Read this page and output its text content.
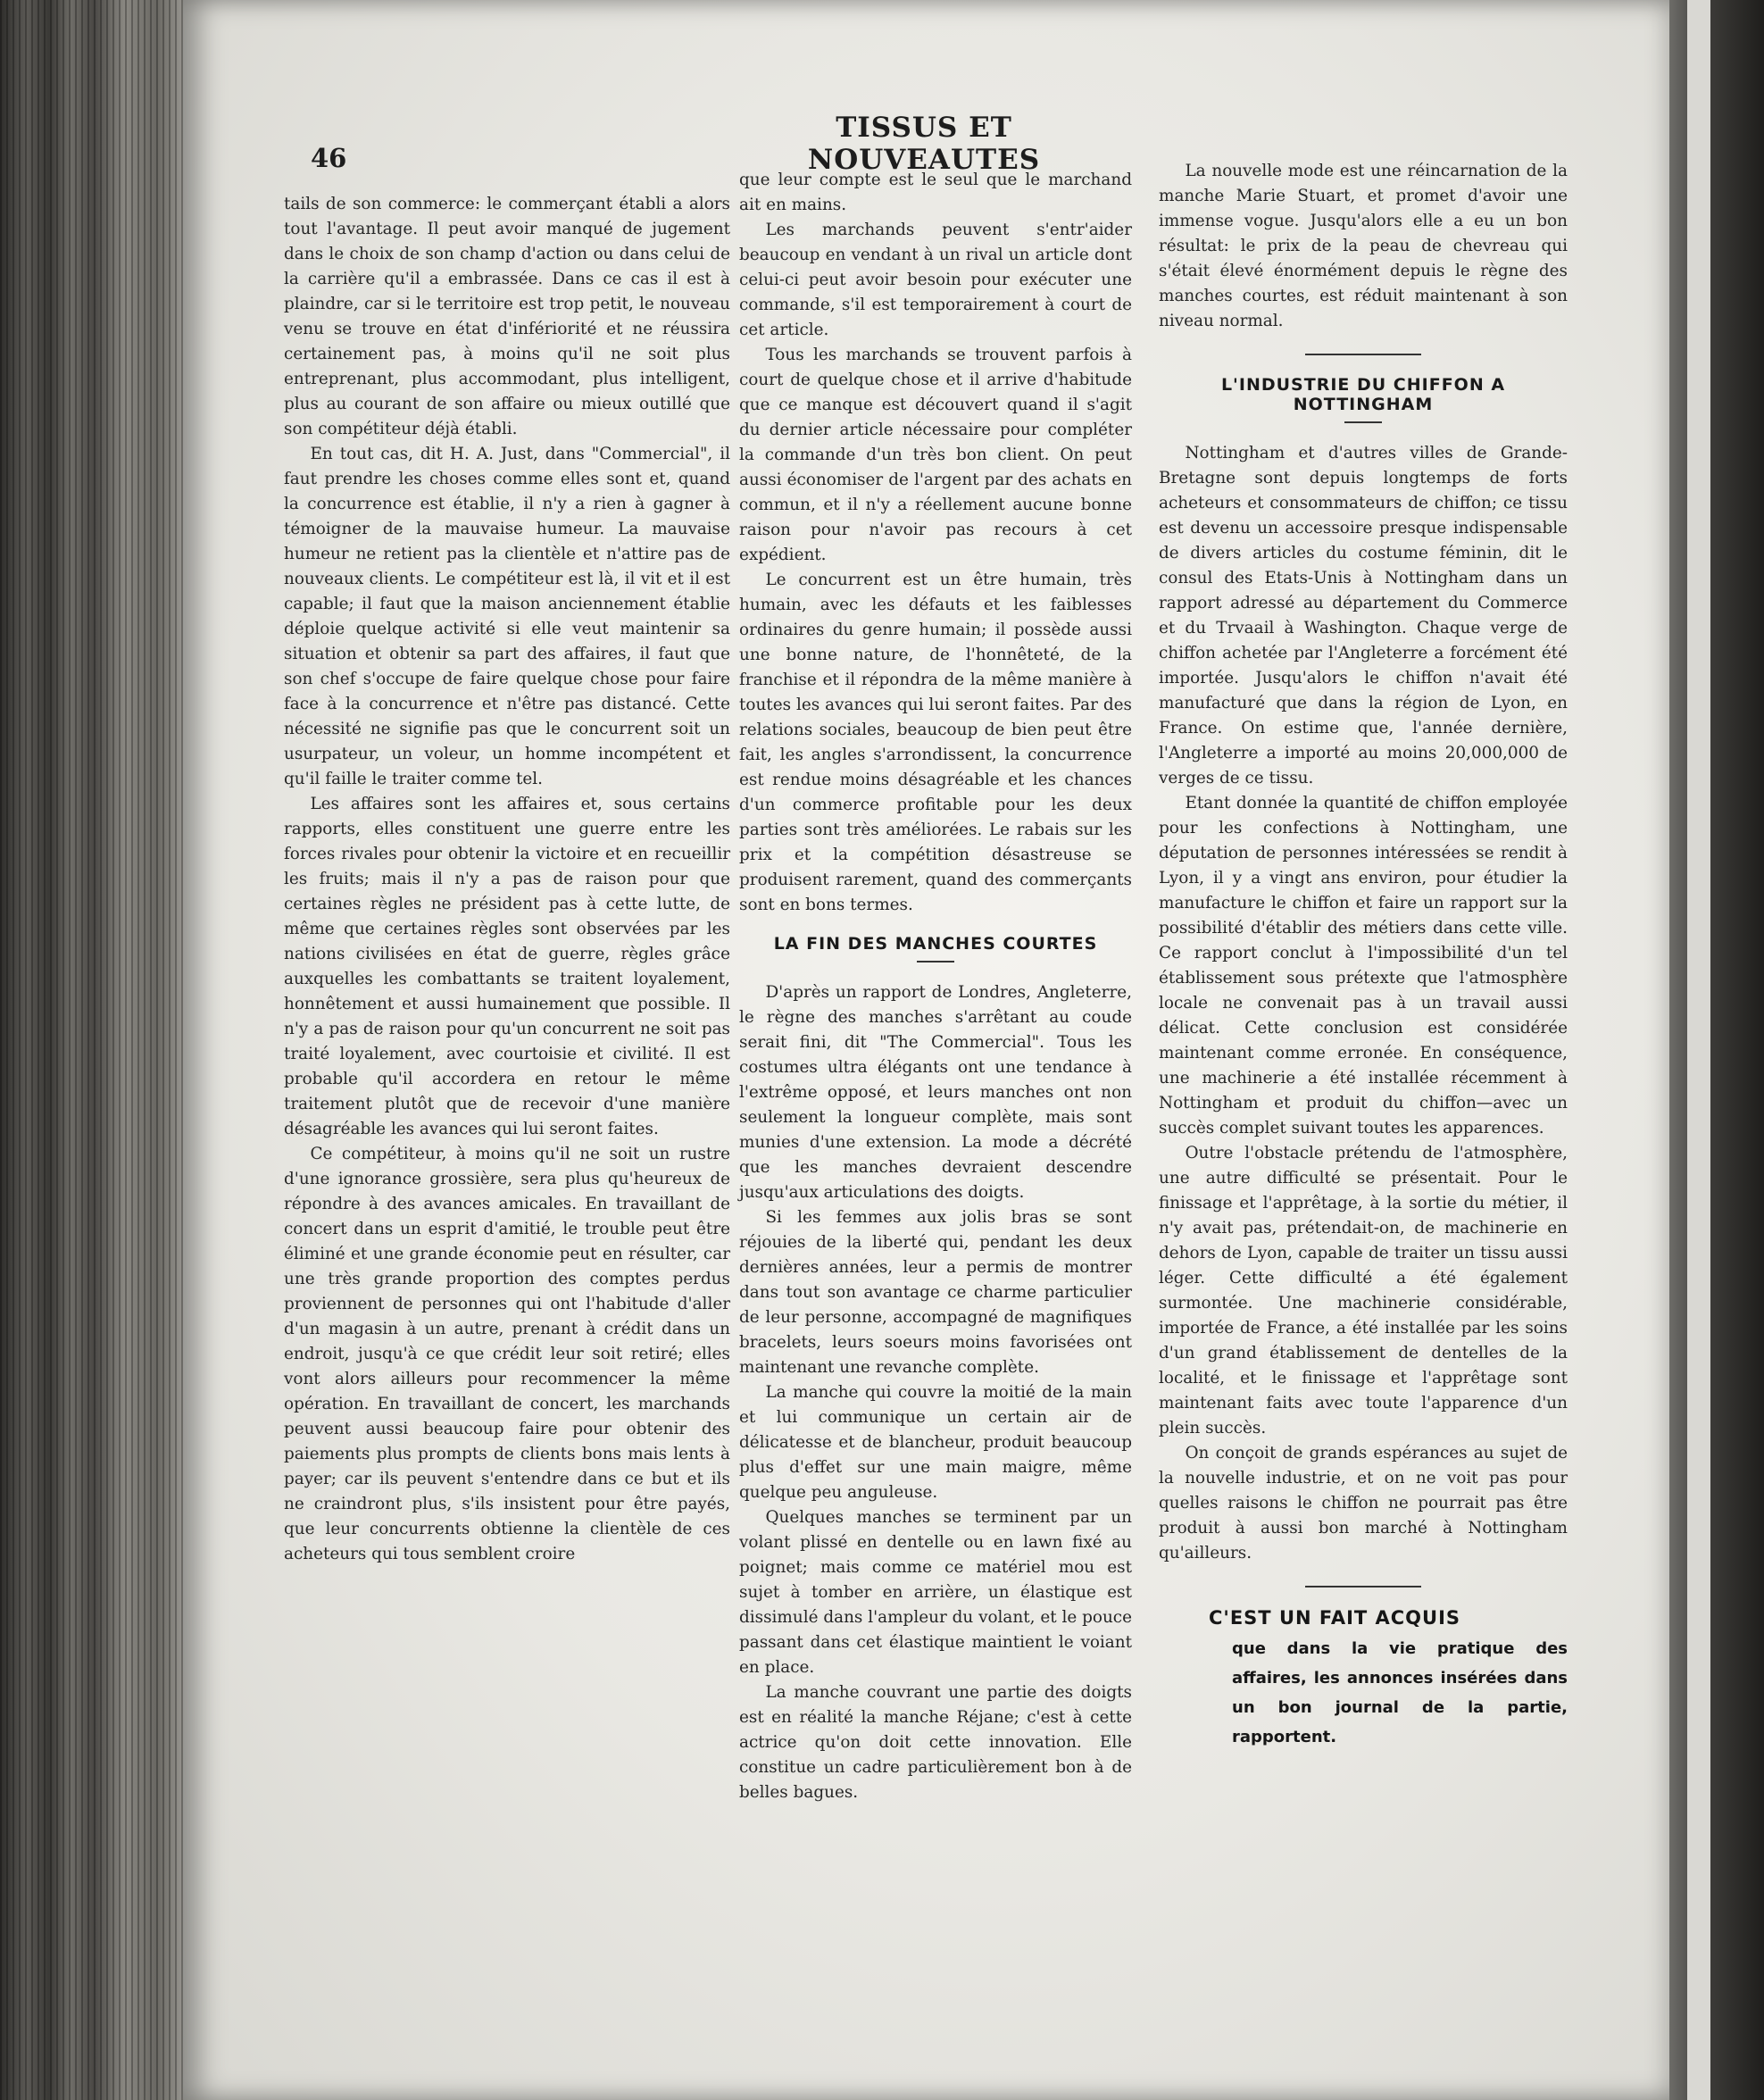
46
TISSUS ET NOUVEAUTES

tails de son commerce: le commerçant établi a alors tout l'avantage. Il peut avoir manqué de jugement dans le choix de son champ d'action ou dans celui de la carrière qu'il a embrassée. Dans ce cas il est à plaindre, car si le territoire est trop petit, le nouveau venu se trouve en état d'infériorité et ne réussira certainement pas, à moins qu'il ne soit plus entreprenant, plus accommodant, plus intelligent, plus au courant de son affaire ou mieux outillé que son compétiteur déjà établi.

En tout cas, dit H. A. Just, dans "Commercial", il faut prendre les choses comme elles sont et, quand la concurrence est établie, il n'y a rien à gagner à témoigner de la mauvaise humeur. La mauvaise humeur ne retient pas la clientèle et n'attire pas de nouveaux clients. Le compétiteur est là, il vit et il est capable; il faut que la maison anciennement établie déploie quelque activité si elle veut maintenir sa situation et obtenir sa part des affaires, il faut que son chef s'occupe de faire quelque chose pour faire face à la concurrence et n'être pas distancé. Cette nécessité ne signifie pas que le concurrent soit un usurpateur, un voleur, un homme incompétent et qu'il faille le traiter comme tel.

Les affaires sont les affaires et, sous certains rapports, elles constituent une guerre entre les forces rivales pour obtenir la victoire et en recueillir les fruits; mais il n'y a pas de raison pour que certaines règles ne président pas à cette lutte, de même que certaines règles sont observées par les nations civilisées en état de guerre, règles grâce auxquelles les combattants se traitent loyalement, honnêtement et aussi humainement que possible. Il n'y a pas de raison pour qu'un concurrent ne soit pas traité loyalement, avec courtoisie et civilité. Il est probable qu'il accordera en retour le même traitement plutôt que de recevoir d'une manière désagréable les avances qui lui seront faites.

Ce compétiteur, à moins qu'il ne soit un rustre d'une ignorance grossière, sera plus qu'heureux de répondre à des avances amicales. En travaillant de concert dans un esprit d'amitié, le trouble peut être éliminé et une grande économie peut en résulter, car une très grande proportion des comptes perdus proviennent de personnes qui ont l'habitude d'aller d'un magasin à un autre, prenant à crédit dans un endroit, jusqu'à ce que crédit leur soit retiré; elles vont alors ailleurs pour recommencer la même opération. En travaillant de concert, les marchands peuvent aussi beaucoup faire pour obtenir des paiements plus prompts de clients bons mais lents à payer; car ils peuvent s'entendre dans ce but et ils ne craindront plus, s'ils insistent pour être payés, que leur concurrents obtienne la clientèle de ces acheteurs qui tous semblent croire

que leur compte est le seul que le marchand ait en mains.

Les marchands peuvent s'entr'aider beaucoup en vendant à un rival un article dont celui-ci peut avoir besoin pour exécuter une commande, s'il est temporairement à court de cet article.

Tous les marchands se trouvent parfois à court de quelque chose et il arrive d'habitude que ce manque est découvert quand il s'agit du dernier article nécessaire pour compléter la commande d'un très bon client. On peut aussi économiser de l'argent par des achats en commun, et il n'y a réellement aucune bonne raison pour n'avoir pas recours à cet expédient.

Le concurrent est un être humain, très humain, avec les défauts et les faiblesses ordinaires du genre humain; il possède aussi une bonne nature, de l'honnêteté, de la franchise et il répondra de la même manière à toutes les avances qui lui seront faites. Par des relations sociales, beaucoup de bien peut être fait, les angles s'arrondissent, la concurrence est rendue moins désagréable et les chances d'un commerce profitable pour les deux parties sont très améliorées. Le rabais sur les prix et la compétition désastreuse se produisent rarement, quand des commerçants sont en bons termes.

LA FIN DES MANCHES COURTES

D'après un rapport de Londres, Angleterre, le règne des manches s'arrêtant au coude serait fini, dit "The Commercial". Tous les costumes ultra élégants ont une tendance à l'extrême opposé, et leurs manches ont non seulement la longueur complète, mais sont munies d'une extension. La mode a décrété que les manches devraient descendre jusqu'aux articulations des doigts.

Si les femmes aux jolis bras se sont réjouies de la liberté qui, pendant les deux dernières années, leur a permis de montrer dans tout son avantage ce charme particulier de leur personne, accompagné de magnifiques bracelets, leurs soeurs moins favorisées ont maintenant une revanche complète.

La manche qui couvre la moitié de la main et lui communique un certain air de délicatesse et de blancheur, produit beaucoup plus d'effet sur une main maigre, même quelque peu anguleuse.

Quelques manches se terminent par un volant plissé en dentelle ou en lawn fixé au poignet; mais comme ce matériel mou est sujet à tomber en arrière, un élastique est dissimulé dans l'ampleur du volant, et le pouce passant dans cet élastique maintient le voiant en place.

La manche couvrant une partie des doigts est en réalité la manche Réjane; c'est à cette actrice qu'on doit cette innovation. Elle constitue un cadre particulièrement bon à de belles bagues.

La nouvelle mode est une réincarnation de la manche Marie Stuart, et promet d'avoir une immense vogue. Jusqu'alors elle a eu un bon résultat: le prix de la peau de chevreau qui s'était élevé énormément depuis le règne des manches courtes, est réduit maintenant à son niveau normal.

L'INDUSTRIE DU CHIFFON A NOTTINGHAM

Nottingham et d'autres villes de Grande-Bretagne sont depuis longtemps de forts acheteurs et consommateurs de chiffon; ce tissu est devenu un accessoire presque indispensable de divers articles du costume féminin, dit le consul des Etats-Unis à Nottingham dans un rapport adressé au département du Commerce et du Trvaail à Washington. Chaque verge de chiffon achetée par l'Angleterre a forcément été importée. Jusqu'alors le chiffon n'avait été manufacturé que dans la région de Lyon, en France. On estime que, l'année dernière, l'Angleterre a importé au moins 20,000,000 de verges de ce tissu.

Etant donnée la quantité de chiffon employée pour les confections à Nottingham, une députation de personnes intéressées se rendit à Lyon, il y a vingt ans environ, pour étudier la manufacture le chiffon et faire un rapport sur la possibilité d'établir des métiers dans cette ville. Ce rapport conclut à l'impossibilité d'un tel établissement sous prétexte que l'atmosphère locale ne convenait pas à un travail aussi délicat. Cette conclusion est considérée maintenant comme erronée. En conséquence, une machinerie a été installée récemment à Nottingham et produit du chiffon—avec un succès complet suivant toutes les apparences.

Outre l'obstacle prétendu de l'atmosphère, une autre difficulté se présentait. Pour le finissage et l'apprêtage, à la sortie du métier, il n'y avait pas, prétendait-on, de machinerie en dehors de Lyon, capable de traiter un tissu aussi léger. Cette difficulté a été également surmontée. Une machinerie considérable, importée de France, a été installée par les soins d'un grand établissement de dentelles de la localité, et le finissage et l'apprêtage sont maintenant faits avec toute l'apparence d'un plein succès.

On conçoit de grands espérances au sujet de la nouvelle industrie, et on ne voit pas pour quelles raisons le chiffon ne pourrait pas être produit à aussi bon marché à Nottingham qu'ailleurs.

C'EST UN FAIT ACQUIS
que dans la vie pratique des affaires, les annonces insérées dans un bon journal de la partie, rapportent.
